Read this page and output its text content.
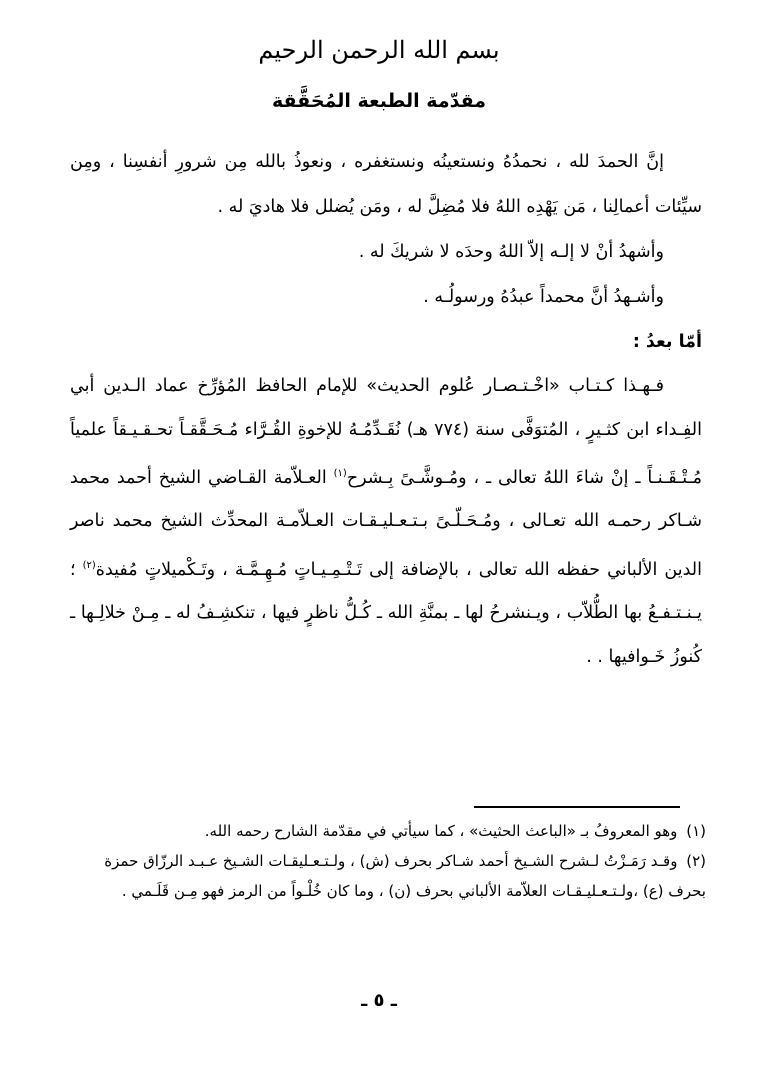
بسم الله الرحمن الرحيم
مقدّمة الطبعة المُحَقَّقة

إنَّ الحمدَ لله ، نحمدُهُ ونستعينُه ونستغفره ، ونعوذُ بالله مِن شرورِ أنفسِنا ، ومِن سيِّئات أعمالِنا ، مَن يَهْدِه اللهُ فلا مُضِلَّ له ، ومَن يُضلل فلا هاديَ له .

وأشهدُ أنْ لا إلـه إلاّ اللهُ وحدَه لا شريكَ له .

وأشـهدُ أنَّ محمداً عبدُهُ ورسولُـه .

أمّا بعدُ :

فـهـذا كـتـاب «اخْـتـصـار عُلوم الحديث» للإمام الحافظ المُؤرِّخ عماد الـدين أبي الفِـداء ابن كثـيرٍ ، المُتوَفَّى سنة (٧٧٤ هـ) نُقَـدِّمُـهُ للإخوةِ القُـرَّاء مُـحَـقَّقـاً تحـقـيـقاً علمياً مُـتْـقَـنـاً ـ إنْ شاءَ اللهُ تعالى ـ ، ومُـوشَّـىً بِـشرح$^{(١)}$ العـلاّمة القـاضي الشيخ أحمد محمد شـاكر رحمـه الله تعـالى ، ومُـحَـلّـىً بـتـعـليـقـات العـلاّمـة المحدِّث الشيخ محمد ناصر الدين الألباني حفظه الله تعالى ، بالإضافة إلى تَـتْـمِـيـاتٍ مُـهِـمَّـة ، وتَـكْميلاتٍ مُفيدة$^{(٢)}$ ؛ يـنـتـفـعُ بها الطُّلاّب ، ويـنشرحُ لها ـ بمنَّةِ الله ـ كُـلُّ ناظرٍ فيها ، تنكشِـفُ له ـ مِـنْ خلالِـها ـ كُنوزُ خَـوافيها . .

(١) وهو المعروفُ بـ «الباعث الحثيث» ، كما سيأتي في مقدّمة الشارح رحمه الله.

(٢) وقـد رَمَـزْتُ لـشرح الشـيخ أحمد شـاكر بحرف (ش) ، ولـتـعـليقـات الشـيخ عـبـد الرزّاق حمزة بحرف (ع) ،ولـتـعـليـقـات العلاّمة الألباني بحرف (ن) ، وما كان خُلْـواً من الرمز فهو مِـن قَلَـمي .

ـ ٥ ـ
